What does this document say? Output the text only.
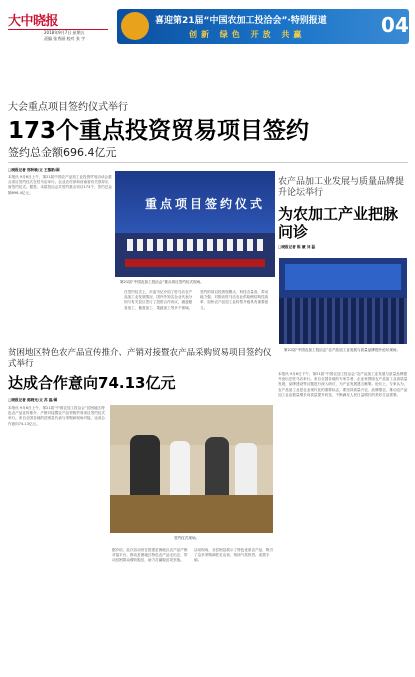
大中晓报
2018年9月7日 星期五
责编 张秀丽 校对 张 宇
喜迎第21届“中国农加工投洽会”·特别报道
创新 绿色 开放 共赢	04
大会重点项目签约仪式举行
173个重点投资贸易项目签约
签约总金额696.4亿元
□晓报记者 郑秋敏/文 王慕皓/图
本报讯 9月6日上午，第21届中国农产品加工业投资贸易洽谈会重点项目签约仪式在驻马店举行。农业农村部和河南省有关领导出席签约仪式。据悉，本届投洽会共签约重点项目173个，签约总金额696.4亿元。
重点项目签约仪式
第21届“中国农加工投洽会”重点项目签约仪式现场。
在签约仪式上，市委书记介绍了驻马店农产品加工业发展情况，国内外知名企业代表分别与有关县区签订了投资合作协议，涵盖粮食加工、畜禽加工、果蔬加工等多个领域。
签约的项目投资规模大、科技含量高、带动能力强，对推动驻马店农业供给侧结构性改革、加快农产品加工业转型升级具有重要意义。
农产品加工业发展与质量品牌提升论坛举行
为农加工产业把脉问诊
□晓报记者 陈 薇 刘 磊
第21届“中国农加工投洽会”农产品加工业发展与质量品牌提升论坛现场。
本报讯 9月6日下午，第21届“中国农加工投洽会”农产品加工业发展与质量品牌提升论坛在驻马店举行。来自全国各地的专家学者、企业家围绕农产品加工业高质量发展、品牌建设等议题进行深入研讨，为产业发展建言献策。论坛上，专家认为，农产品加工业是农业现代化的重要标志，要坚持质量兴农、品牌强农，推动农产品加工业由数量增长向质量提升转变，不断满足人民日益增长的美好生活需要。
贫困地区特色农产品宣传推介、产销对接暨农产品采购贸易项目签约仪式举行
达成合作意向74.13亿元
□晓报记者 郭晓光/文 苏 蕊/图
本报讯 9月6日上午，第21届“中国农加工投洽会”贫困地区特色农产品宣传推介、产销对接暨农产品采购贸易项目签约仪式举行。来自全国各地的贫困县代表与采购商现场对接，达成合作意向74.13亿元。
签约仪式现场。
据介绍，此次活动旨在搭建贫困地区农产品产销对接平台，推动贫困地区特色农产品走出去，带动贫困群众增收脱贫，助力打赢脱贫攻坚战。
活动现场，各贫困县展示了特色优质农产品，吸引了众多采购商驻足洽谈，现场气氛热烈，成果丰硕。
